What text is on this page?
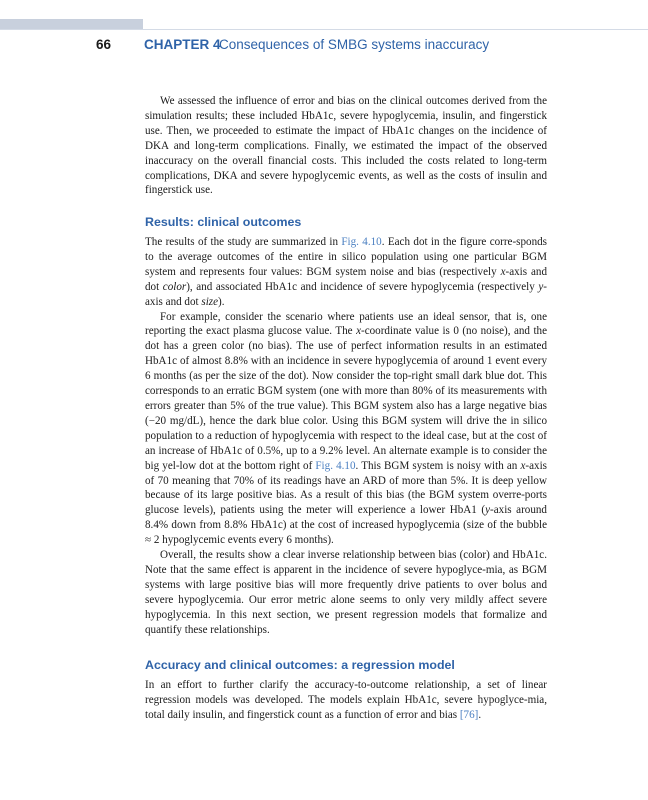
66 CHAPTER 4
Consequences of SMBG systems inaccuracy

We assessed the influence of error and bias on the clinical outcomes derived from the simulation results; these included HbA1c, severe hypoglycemia, insulin, and fingerstick use. Then, we proceeded to estimate the impact of HbA1c changes on the incidence of DKA and long-term complications. Finally, we estimated the impact of the observed inaccuracy on the overall financial costs. This included the costs related to long-term complications, DKA and severe hypoglycemic events, as well as the costs of insulin and fingerstick use.

Results: clinical outcomes

The results of the study are summarized in Fig. 4.10. Each dot in the figure corre-sponds to the average outcomes of the entire in silico population using one particular BGM system and represents four values: BGM system noise and bias (respectively x-axis and dot color), and associated HbA1c and incidence of severe hypoglycemia (respectively y-axis and dot size).

For example, consider the scenario where patients use an ideal sensor, that is, one reporting the exact plasma glucose value. The x-coordinate value is 0 (no noise), and the dot has a green color (no bias). The use of perfect information results in an estimated HbA1c of almost 8.8% with an incidence in severe hypoglycemia of around 1 event every 6 months (as per the size of the dot). Now consider the top-right small dark blue dot. This corresponds to an erratic BGM system (one with more than 80% of its measurements with errors greater than 5% of the true value). This BGM system also has a large negative bias (−20 mg/dL), hence the dark blue color. Using this BGM system will drive the in silico population to a reduction of hypoglycemia with respect to the ideal case, but at the cost of an increase of HbA1c of 0.5%, up to a 9.2% level. An alternate example is to consider the big yel-low dot at the bottom right of Fig. 4.10. This BGM system is noisy with an x-axis of 70 meaning that 70% of its readings have an ARD of more than 5%. It is deep yellow because of its large positive bias. As a result of this bias (the BGM system overre-ports glucose levels), patients using the meter will experience a lower HbA1 (y-axis around 8.4% down from 8.8% HbA1c) at the cost of increased hypoglycemia (size of the bubble ≈ 2 hypoglycemic events every 6 months).

Overall, the results show a clear inverse relationship between bias (color) and HbA1c. Note that the same effect is apparent in the incidence of severe hypoglyce-mia, as BGM systems with large positive bias will more frequently drive patients to over bolus and severe hypoglycemia. Our error metric alone seems to only very mildly affect severe hypoglycemia. In this next section, we present regression models that formalize and quantify these relationships.

Accuracy and clinical outcomes: a regression model

In an effort to further clarify the accuracy-to-outcome relationship, a set of linear regression models was developed. The models explain HbA1c, severe hypoglyce-mia, total daily insulin, and fingerstick count as a function of error and bias [76].
